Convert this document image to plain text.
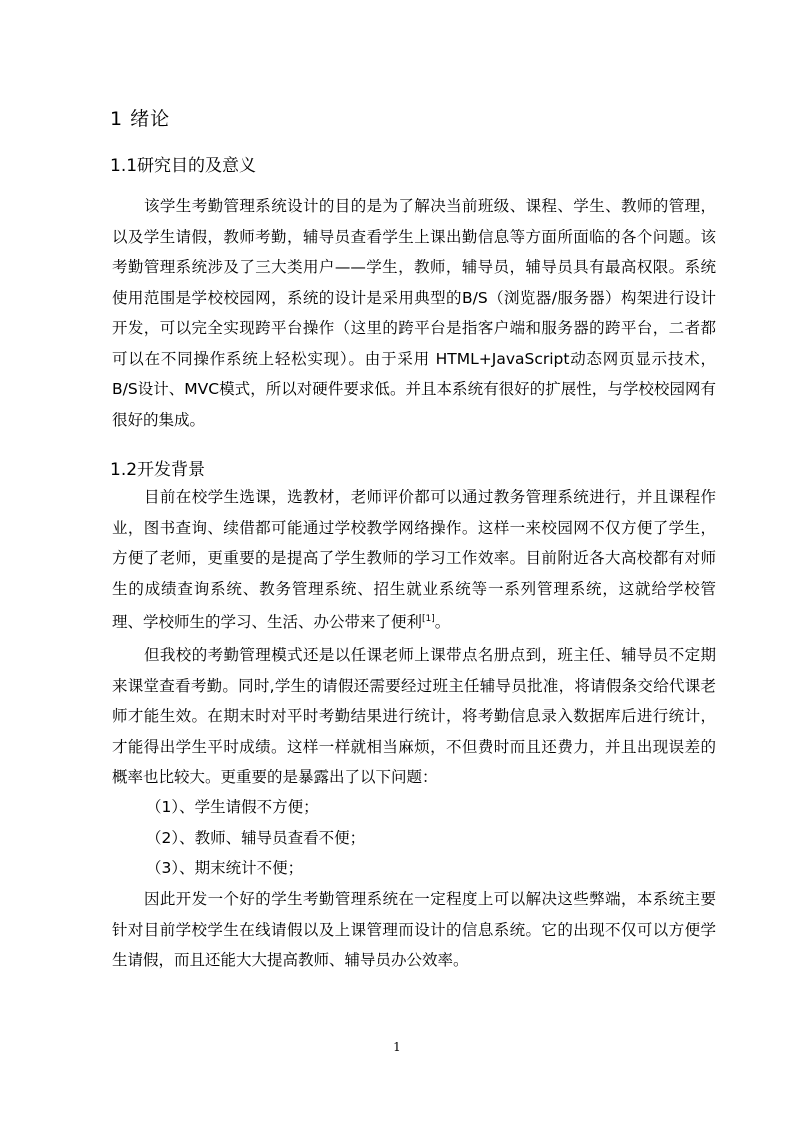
1 绪论
1.1研究目的及意义

该学生考勤管理系统设计的目的是为了解决当前班级、课程、学生、教师的管理，以及学生请假，教师考勤，辅导员查看学生上课出勤信息等方面所面临的各个问题。该考勤管理系统涉及了三大类用户——学生，教师，辅导员，辅导员具有最高权限。系统使用范围是学校校园网，系统的设计是采用典型的B/S（浏览器/服务器）构架进行设计开发，可以完全实现跨平台操作（这里的跨平台是指客户端和服务器的跨平台，二者都可以在不同操作系统上轻松实现）。由于采用 HTML+JavaScript动态网页显示技术，B/S设计、MVC模式，所以对硬件要求低。并且本系统有很好的扩展性，与学校校园网有很好的集成。

1.2开发背景

目前在校学生选课，选教材，老师评价都可以通过教务管理系统进行，并且课程作业，图书查询、续借都可能通过学校教学网络操作。这样一来校园网不仅方便了学生，方便了老师，更重要的是提高了学生教师的学习工作效率。目前附近各大高校都有对师生的成绩查询系统、教务管理系统、招生就业系统等一系列管理系统，这就给学校管理、学校师生的学习、生活、办公带来了便利[1]。

但我校的考勤管理模式还是以任课老师上课带点名册点到，班主任、辅导员不定期来课堂查看考勤。同时,学生的请假还需要经过班主任辅导员批准，将请假条交给代课老师才能生效。在期末时对平时考勤结果进行统计，将考勤信息录入数据库后进行统计，才能得出学生平时成绩。这样一样就相当麻烦，不但费时而且还费力，并且出现误差的概率也比较大。更重要的是暴露出了以下问题：

（1）、学生请假不方便；
（2）、教师、辅导员查看不便；
（3）、期末统计不便；

因此开发一个好的学生考勤管理系统在一定程度上可以解决这些弊端，本系统主要针对目前学校学生在线请假以及上课管理而设计的信息系统。它的出现不仅可以方便学生请假，而且还能大大提高教师、辅导员办公效率。

1
